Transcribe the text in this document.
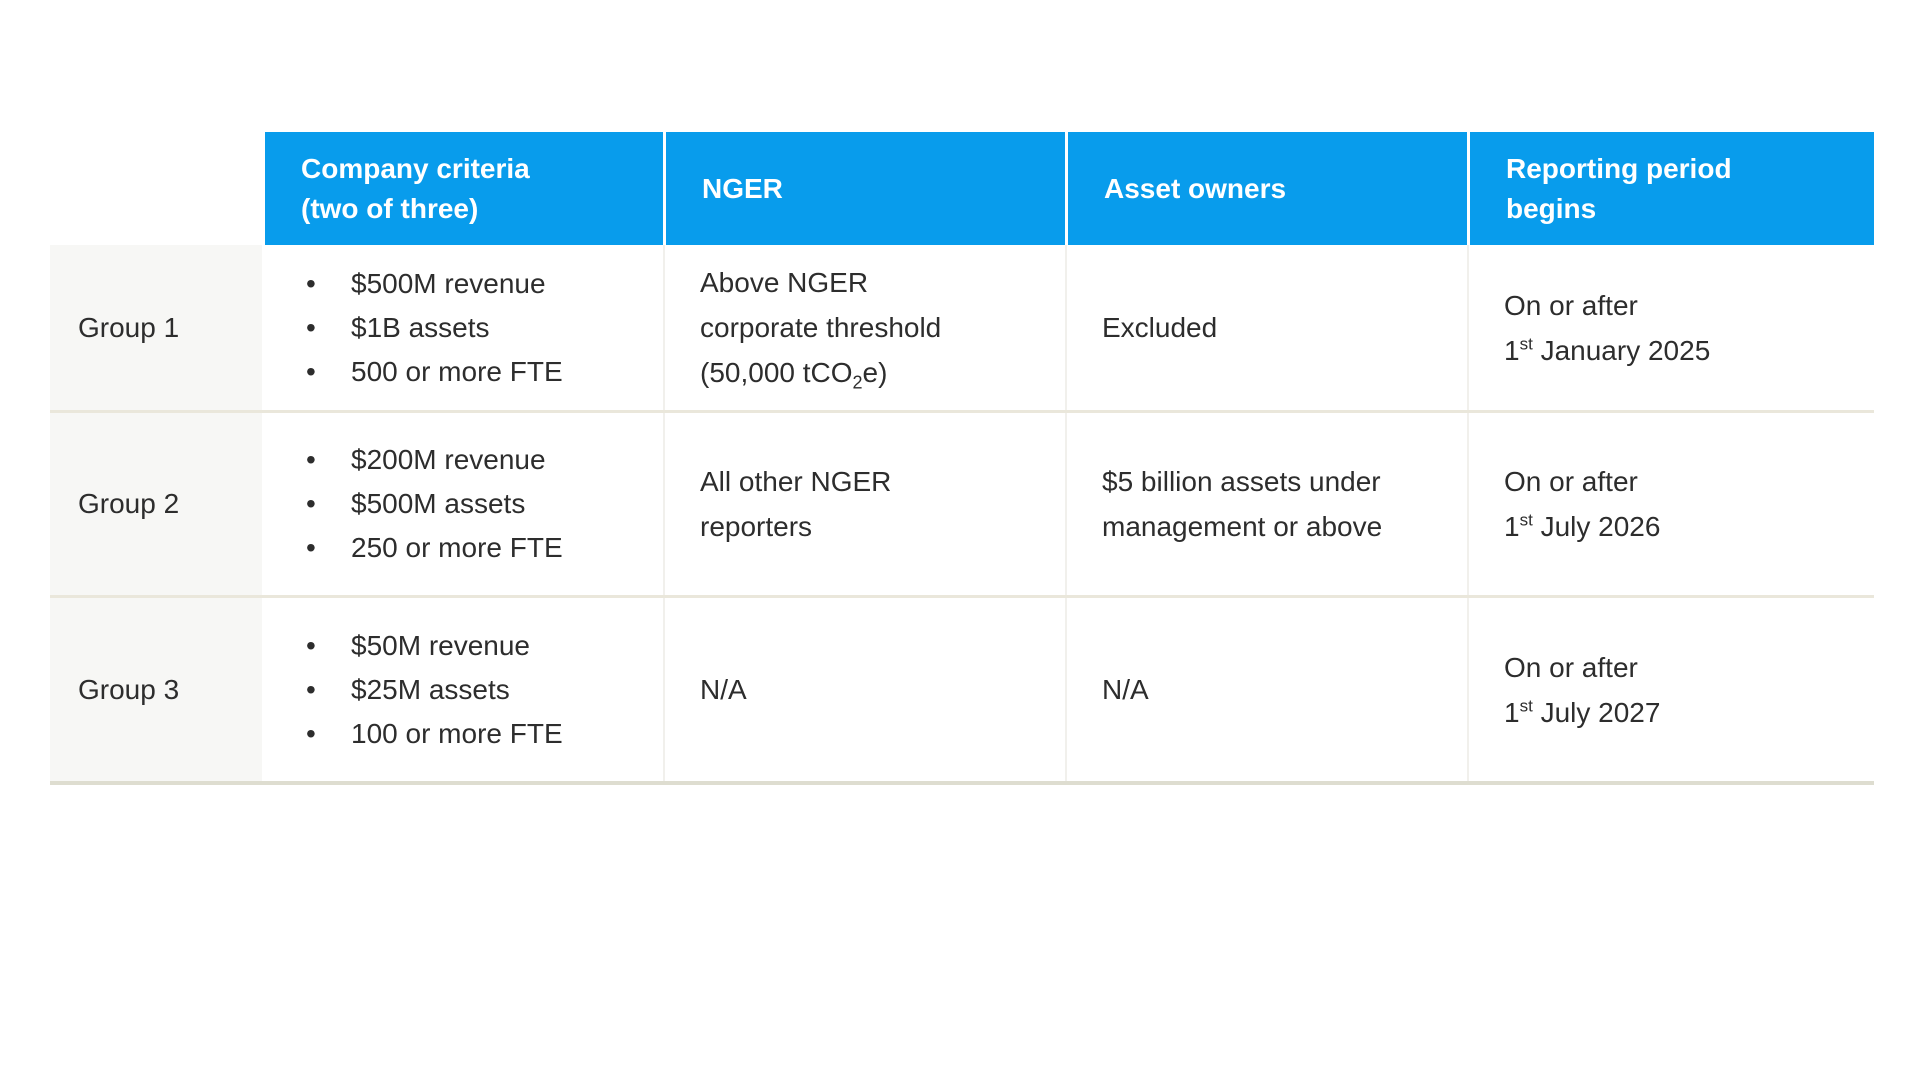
Company criteria
(two of three)
NGER	Asset owners
Reporting period
begins
Group 1
• $500M revenue
• $1B assets
• 500 or more FTE
Above NGER
corporate threshold
(50,000 tCO$_2$e)
Excluded
On or after
1st January 2025
Group 2
• $200M revenue
• $500M assets
• 250 or more FTE
All other NGER
reporters
$5 billion assets under
management or above
On or after
1st July 2026
Group 3
• $50M revenue
• $25M assets
• 100 or more FTE
N/A	N/A
On or after
1st July 2027
